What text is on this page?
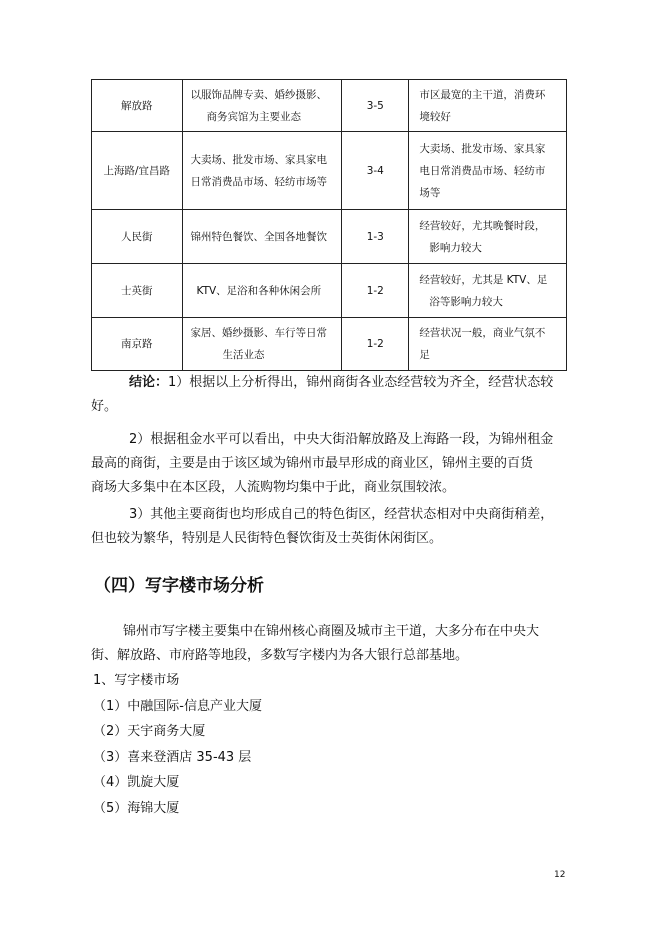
解放路	以服饰品牌专卖、婚纱摄影、
商务宾馆为主要业态	3-5	市区最宽的主干道，消费环
境较好

上海路/宜昌路	大卖场、批发市场、家具家电
日常消费品市场、轻纺市场等	3-4	大卖场、批发市场、家具家
电日常消费品市场、轻纺市
场等

人民街	锦州特色餐饮、全国各地餐饮	1-3	经营较好，尤其晚餐时段，
影响力较大

士英街	KTV、足浴和各种休闲会所	1-2	经营较好，尤其是 KTV、足
浴等影响力较大

南京路	家居、婚纱摄影、车行等日常
生活业态	1-2	经营状况一般，商业气氛不
足
结论：1）根据以上分析得出，锦州商街各业态经营较为齐全，经营状态较
好。
2）根据租金水平可以看出，中央大街沿解放路及上海路一段，为锦州租金
最高的商街，主要是由于该区域为锦州市最早形成的商业区，锦州主要的百货
商场大多集中在本区段，人流购物均集中于此，商业氛围较浓。
3）其他主要商街也均形成自己的特色街区，经营状态相对中央商街稍差，
但也较为繁华，特别是人民街特色餐饮街及士英街休闲街区。
（四）写字楼市场分析
锦州市写字楼主要集中在锦州核心商圈及城市主干道，大多分布在中央大
街、解放路、市府路等地段，多数写字楼内为各大银行总部基地。

1、写字楼市场

（1）中融国际-信息产业大厦

（2）天宇商务大厦

（3）喜来登酒店 35-43 层

（4）凯旋大厦

（5）海锦大厦

12
